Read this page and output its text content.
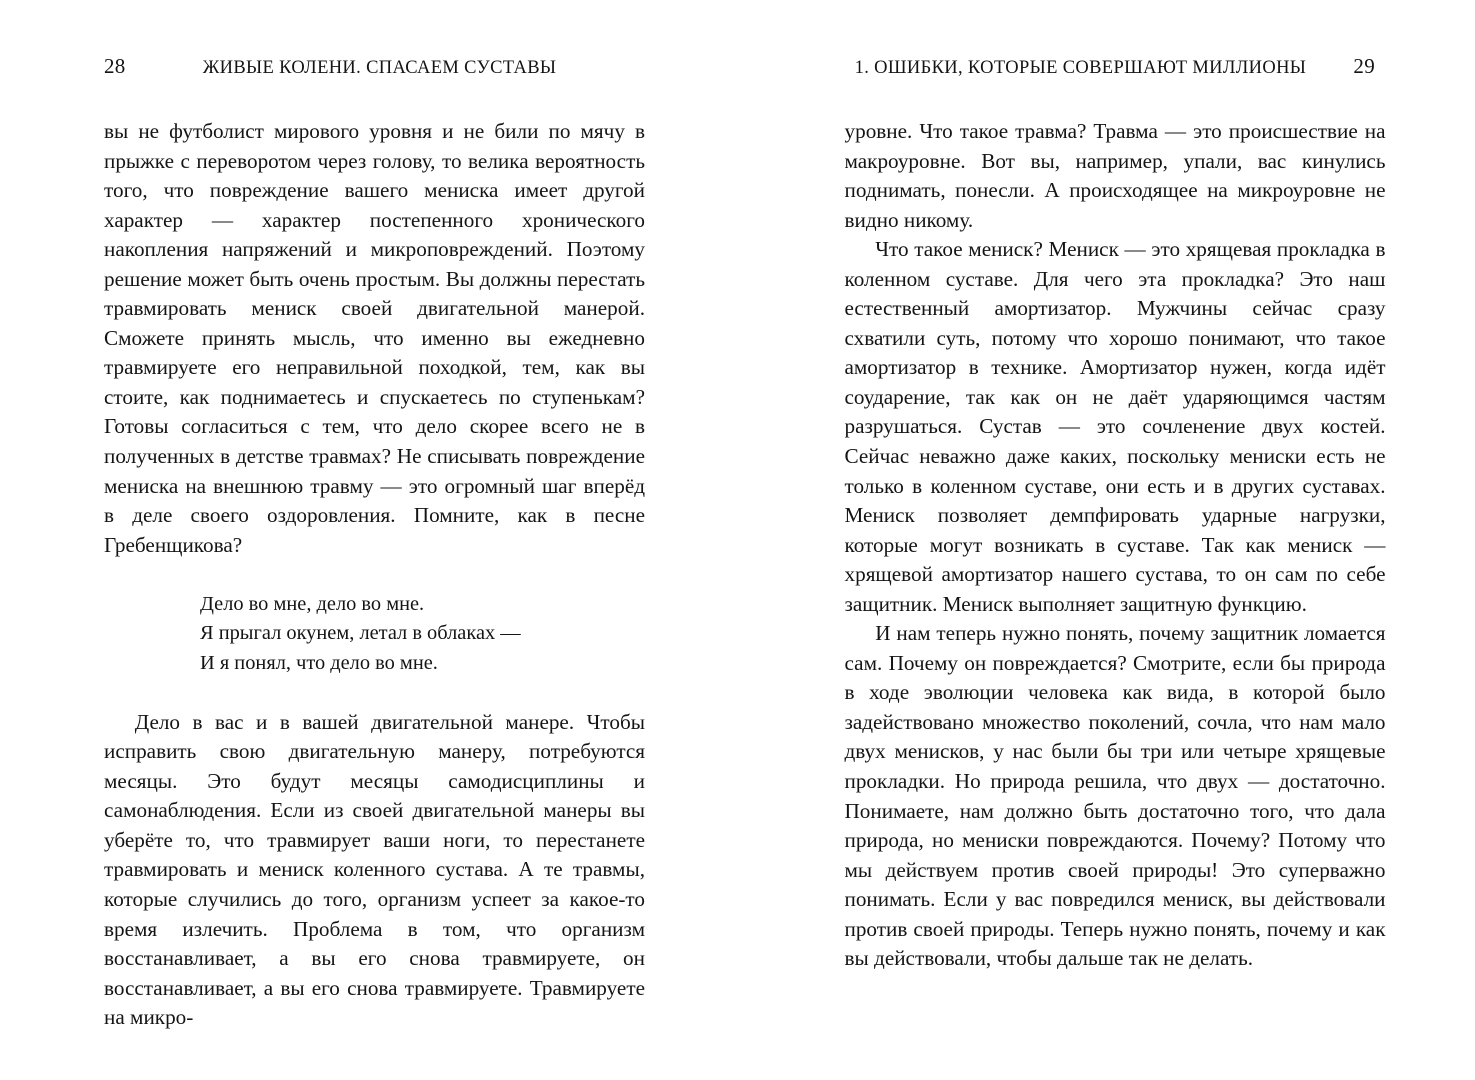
28	ЖИВЫЕ КОЛЕНИ. СПАСАЕМ СУСТАВЫ

вы не футболист мирового уровня и не били по мячу в прыжке с переворотом через голову, то велика вероятность того, что повреждение вашего мениска имеет другой характер — характер постепенного хронического накопления напряжений и микроповреждений. Поэтому решение может быть очень простым. Вы должны перестать травмировать мениск своей двигательной манерой. Сможете принять мысль, что именно вы ежедневно травмируете его неправильной походкой, тем, как вы стоите, как поднимаетесь и спускаетесь по ступенькам? Готовы согласиться с тем, что дело скорее всего не в полученных в детстве травмах? Не списывать повреждение мениска на внешнюю травму — это огромный шаг вперёд в деле своего оздоровления. Помните, как в песне Гребенщикова?

Дело во мне, дело во мне.
Я прыгал окунем, летал в облаках —
И я понял, что дело во мне.

Дело в вас и в вашей двигательной манере. Чтобы исправить свою двигательную манеру, потребуются месяцы. Это будут месяцы самодисциплины и самонаблюдения. Если из своей двигательной манеры вы уберёте то, что травмирует ваши ноги, то перестанете травмировать и мениск коленного сустава. А те травмы, которые случились до того, организм успеет за какое-то время излечить. Проблема в том, что организм восстанавливает, а вы его снова травмируете, он восстанавливает, а вы его снова травмируете. Травмируете на микро-

1. ОШИБКИ, КОТОРЫЕ СОВЕРШАЮТ МИЛЛИОНЫ	29

уровне. Что такое травма? Травма — это происшествие на макроуровне. Вот вы, например, упали, вас кинулись поднимать, понесли. А происходящее на микроуровне не видно никому.

Что такое мениск? Мениск — это хрящевая прокладка в коленном суставе. Для чего эта прокладка? Это наш естественный амортизатор. Мужчины сейчас сразу схватили суть, потому что хорошо понимают, что такое амортизатор в технике. Амортизатор нужен, когда идёт соударение, так как он не даёт ударяющимся частям разрушаться. Сустав — это сочленение двух костей. Сейчас неважно даже каких, поскольку мениски есть не только в коленном суставе, они есть и в других суставах. Мениск позволяет демпфировать ударные нагрузки, которые могут возникать в суставе. Так как мениск — хрящевой амортизатор нашего сустава, то он сам по себе защитник. Мениск выполняет защитную функцию.

И нам теперь нужно понять, почему защитник ломается сам. Почему он повреждается? Смотрите, если бы природа в ходе эволюции человека как вида, в которой было задействовано множество поколений, сочла, что нам мало двух менисков, у нас были бы три или четыре хрящевые прокладки. Но природа решила, что двух — достаточно. Понимаете, нам должно быть достаточно того, что дала природа, но мениски повреждаются. Почему? Потому что мы действуем против своей природы! Это суперважно понимать. Если у вас повредился мениск, вы действовали против своей природы. Теперь нужно понять, почему и как вы действовали, чтобы дальше так не делать.
